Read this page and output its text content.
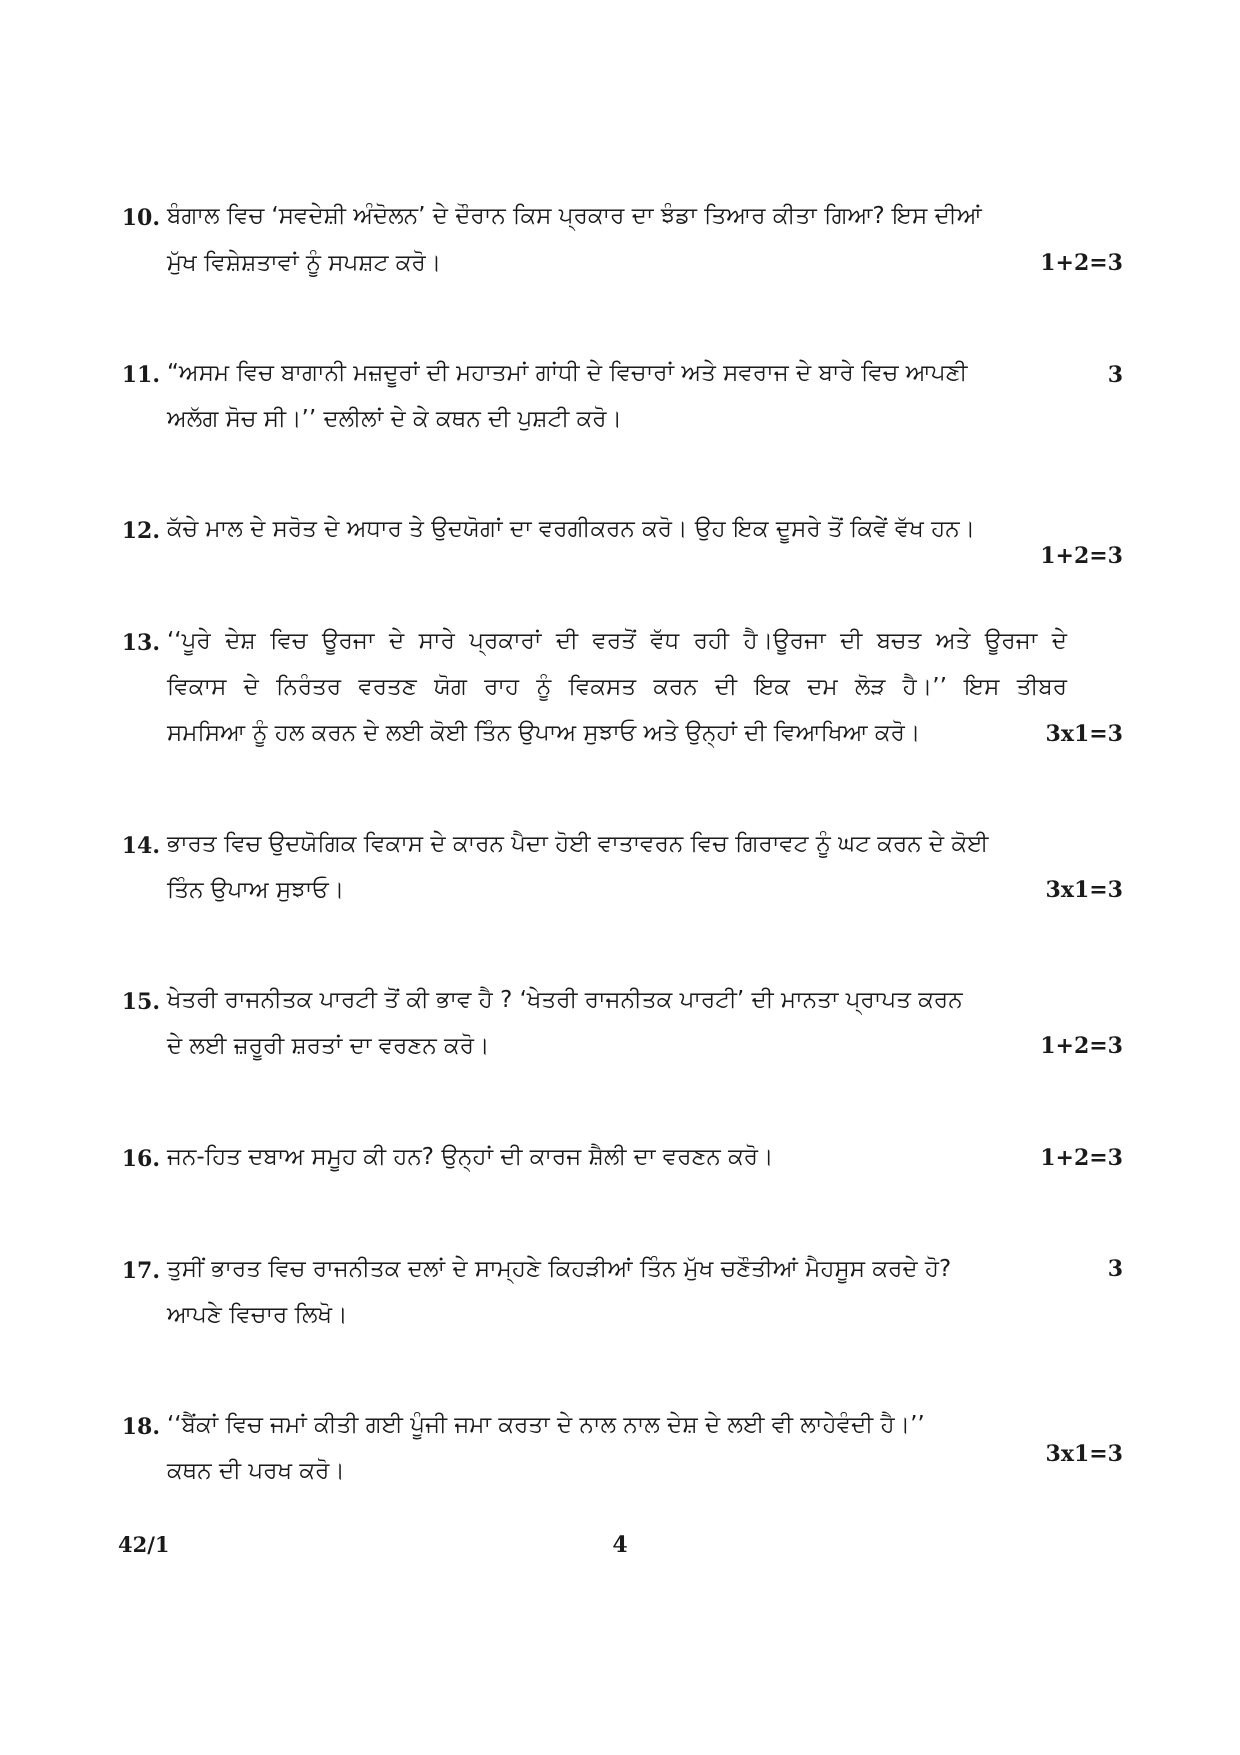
10. ਬੰਗਾਲ ਵਿਚ ‘ਸਵਦੇਸ਼ੀ ਅੰਦੋਲਨ’ ਦੇ ਦੌਰਾਨ ਕਿਸ ਪ੍ਰਕਾਰ ਦਾ ਝੰਡਾ ਤਿਆਰ ਕੀਤਾ ਗਿਆ? ਇਸ ਦੀਆਂ
ਮੁੱਖ ਵਿਸ਼ੇਸ਼ਤਾਵਾਂ ਨੂੰ ਸਪਸ਼ਟ ਕਰੋ।	1+2=3
11. “ਅਸਮ ਵਿਚ ਬਾਗਾਨੀ ਮਜ਼ਦੂਰਾਂ ਦੀ ਮਹਾਤਮਾਂ ਗਾਂਧੀ ਦੇ ਵਿਚਾਰਾਂ ਅਤੇ ਸਵਰਾਜ ਦੇ ਬਾਰੇ ਵਿਚ ਆਪਣੀ
ਅਲੱਗ ਸੋਚ ਸੀ।’’ ਦਲੀਲਾਂ ਦੇ ਕੇ ਕਥਨ ਦੀ ਪੁਸ਼ਟੀ ਕਰੋ।
3
12. ਕੱਚੇ ਮਾਲ ਦੇ ਸਰੋਤ ਦੇ ਅਧਾਰ ਤੇ ਉਦਯੋਗਾਂ ਦਾ ਵਰਗੀਕਰਨ ਕਰੋ। ਉਹ ਇਕ ਦੂਸਰੇ ਤੋਂ ਕਿਵੇਂ ਵੱਖ ਹਨ।
1+2=3
13. ‘‘ਪੂਰੇ ਦੇਸ਼ ਵਿਚ ਊਰਜਾ ਦੇ ਸਾਰੇ ਪ੍ਰਕਾਰਾਂ ਦੀ ਵਰਤੋਂ ਵੱਧ ਰਹੀ ਹੈ।ਊਰਜਾ ਦੀ ਬਚਤ ਅਤੇ ਊਰਜਾ ਦੇ
ਵਿਕਾਸ ਦੇ ਨਿਰੰਤਰ ਵਰਤਣ ਯੋਗ ਰਾਹ ਨੂੰ ਵਿਕਸਤ ਕਰਨ ਦੀ ਇਕ ਦਮ ਲੋੜ ਹੈ।’’ ਇਸ ਤੀਬਰ
ਸਮਸਿਆ ਨੂੰ ਹਲ ਕਰਨ ਦੇ ਲਈ ਕੋਈ ਤਿੰਨ ਉਪਾਅ ਸੁਝਾਓ ਅਤੇ ਉਨ੍ਹਾਂ ਦੀ ਵਿਆਖਿਆ ਕਰੋ।	3x1=3
14. ਭਾਰਤ ਵਿਚ ਉਦਯੋਗਿਕ ਵਿਕਾਸ ਦੇ ਕਾਰਨ ਪੈਦਾ ਹੋਈ ਵਾਤਾਵਰਨ ਵਿਚ ਗਿਰਾਵਟ ਨੂੰ ਘਟ ਕਰਨ ਦੇ ਕੋਈ
ਤਿੰਨ ਉਪਾਅ ਸੁਝਾਓ।	3x1=3
15. ਖੇਤਰੀ ਰਾਜਨੀਤਕ ਪਾਰਟੀ ਤੋਂ ਕੀ ਭਾਵ ਹੈ ? ‘ਖੇਤਰੀ ਰਾਜਨੀਤਕ ਪਾਰਟੀ’ ਦੀ ਮਾਨਤਾ ਪ੍ਰਾਪਤ ਕਰਨ
ਦੇ ਲਈ ਜ਼ਰੂਰੀ ਸ਼ਰਤਾਂ ਦਾ ਵਰਣਨ ਕਰੋ।	1+2=3
16. ਜਨ-ਹਿਤ ਦਬਾਅ ਸਮੂਹ ਕੀ ਹਨ? ਉਨ੍ਹਾਂ ਦੀ ਕਾਰਜ ਸ਼ੈਲੀ ਦਾ ਵਰਣਨ ਕਰੋ।	1+2=3
17. ਤੁਸੀਂ ਭਾਰਤ ਵਿਚ ਰਾਜਨੀਤਕ ਦਲਾਂ ਦੇ ਸਾਮ੍ਹਣੇ ਕਿਹੜੀਆਂ ਤਿੰਨ ਮੁੱਖ ਚਣੌਤੀਆਂ ਮੈਹਸੂਸ ਕਰਦੇ ਹੋ?
ਆਪਣੇ ਵਿਚਾਰ ਲਿਖੋ।
3
18. ‘‘ਬੈਂਕਾਂ ਵਿਚ ਜਮਾਂ ਕੀਤੀ ਗਈ ਪੂੰਜੀ ਜਮਾ ਕਰਤਾ ਦੇ ਨਾਲ ਨਾਲ ਦੇਸ਼ ਦੇ ਲਈ ਵੀ ਲਾਹੇਵੰਦੀ ਹੈ।’’
ਕਥਨ ਦੀ ਪਰਖ ਕਰੋ।
3x1=3
42/1	4
